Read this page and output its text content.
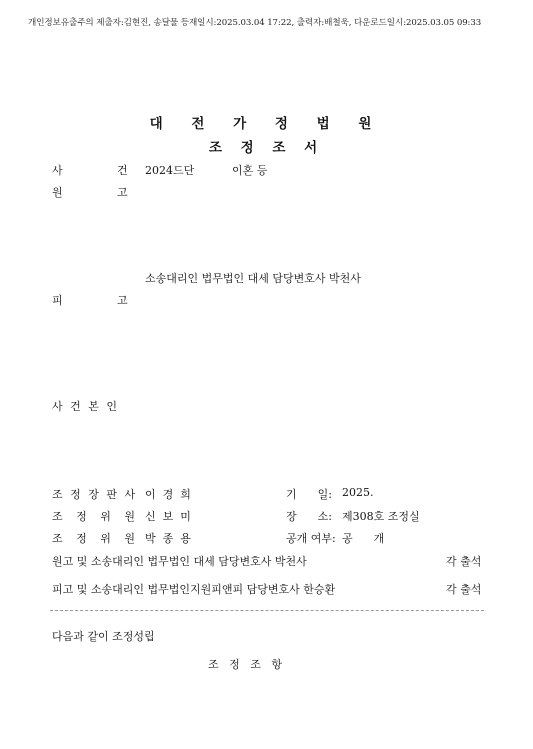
개인정보유출주의 제출자:김현진, 송달물 등재일시:2025.03.04 17:22, 출력자:배철욱, 다운로드일시:2025.03.05 09:33
대 전 가 정 법 원
조 정 조 서
사	건 2024드단	이혼 등
원	고
소송대리인 법무법인 대세 담당변호사 박천사
피	고
사 건 본 인
조 정 장 판 사 이  경  희
조 정 위 원 신  보  미
조 정 위 원 박  종  용
기      일: 2025.
장      소: 제308호 조정실
공개 여부: 공      개
원고 및 소송대리인 법무법인 대세 담당변호사 박천사	각 출석
피고 및 소송대리인 법무법인지원피앤피 담당변호사 한승환	각 출석
다음과 같이 조정성립
조   정   조   항
